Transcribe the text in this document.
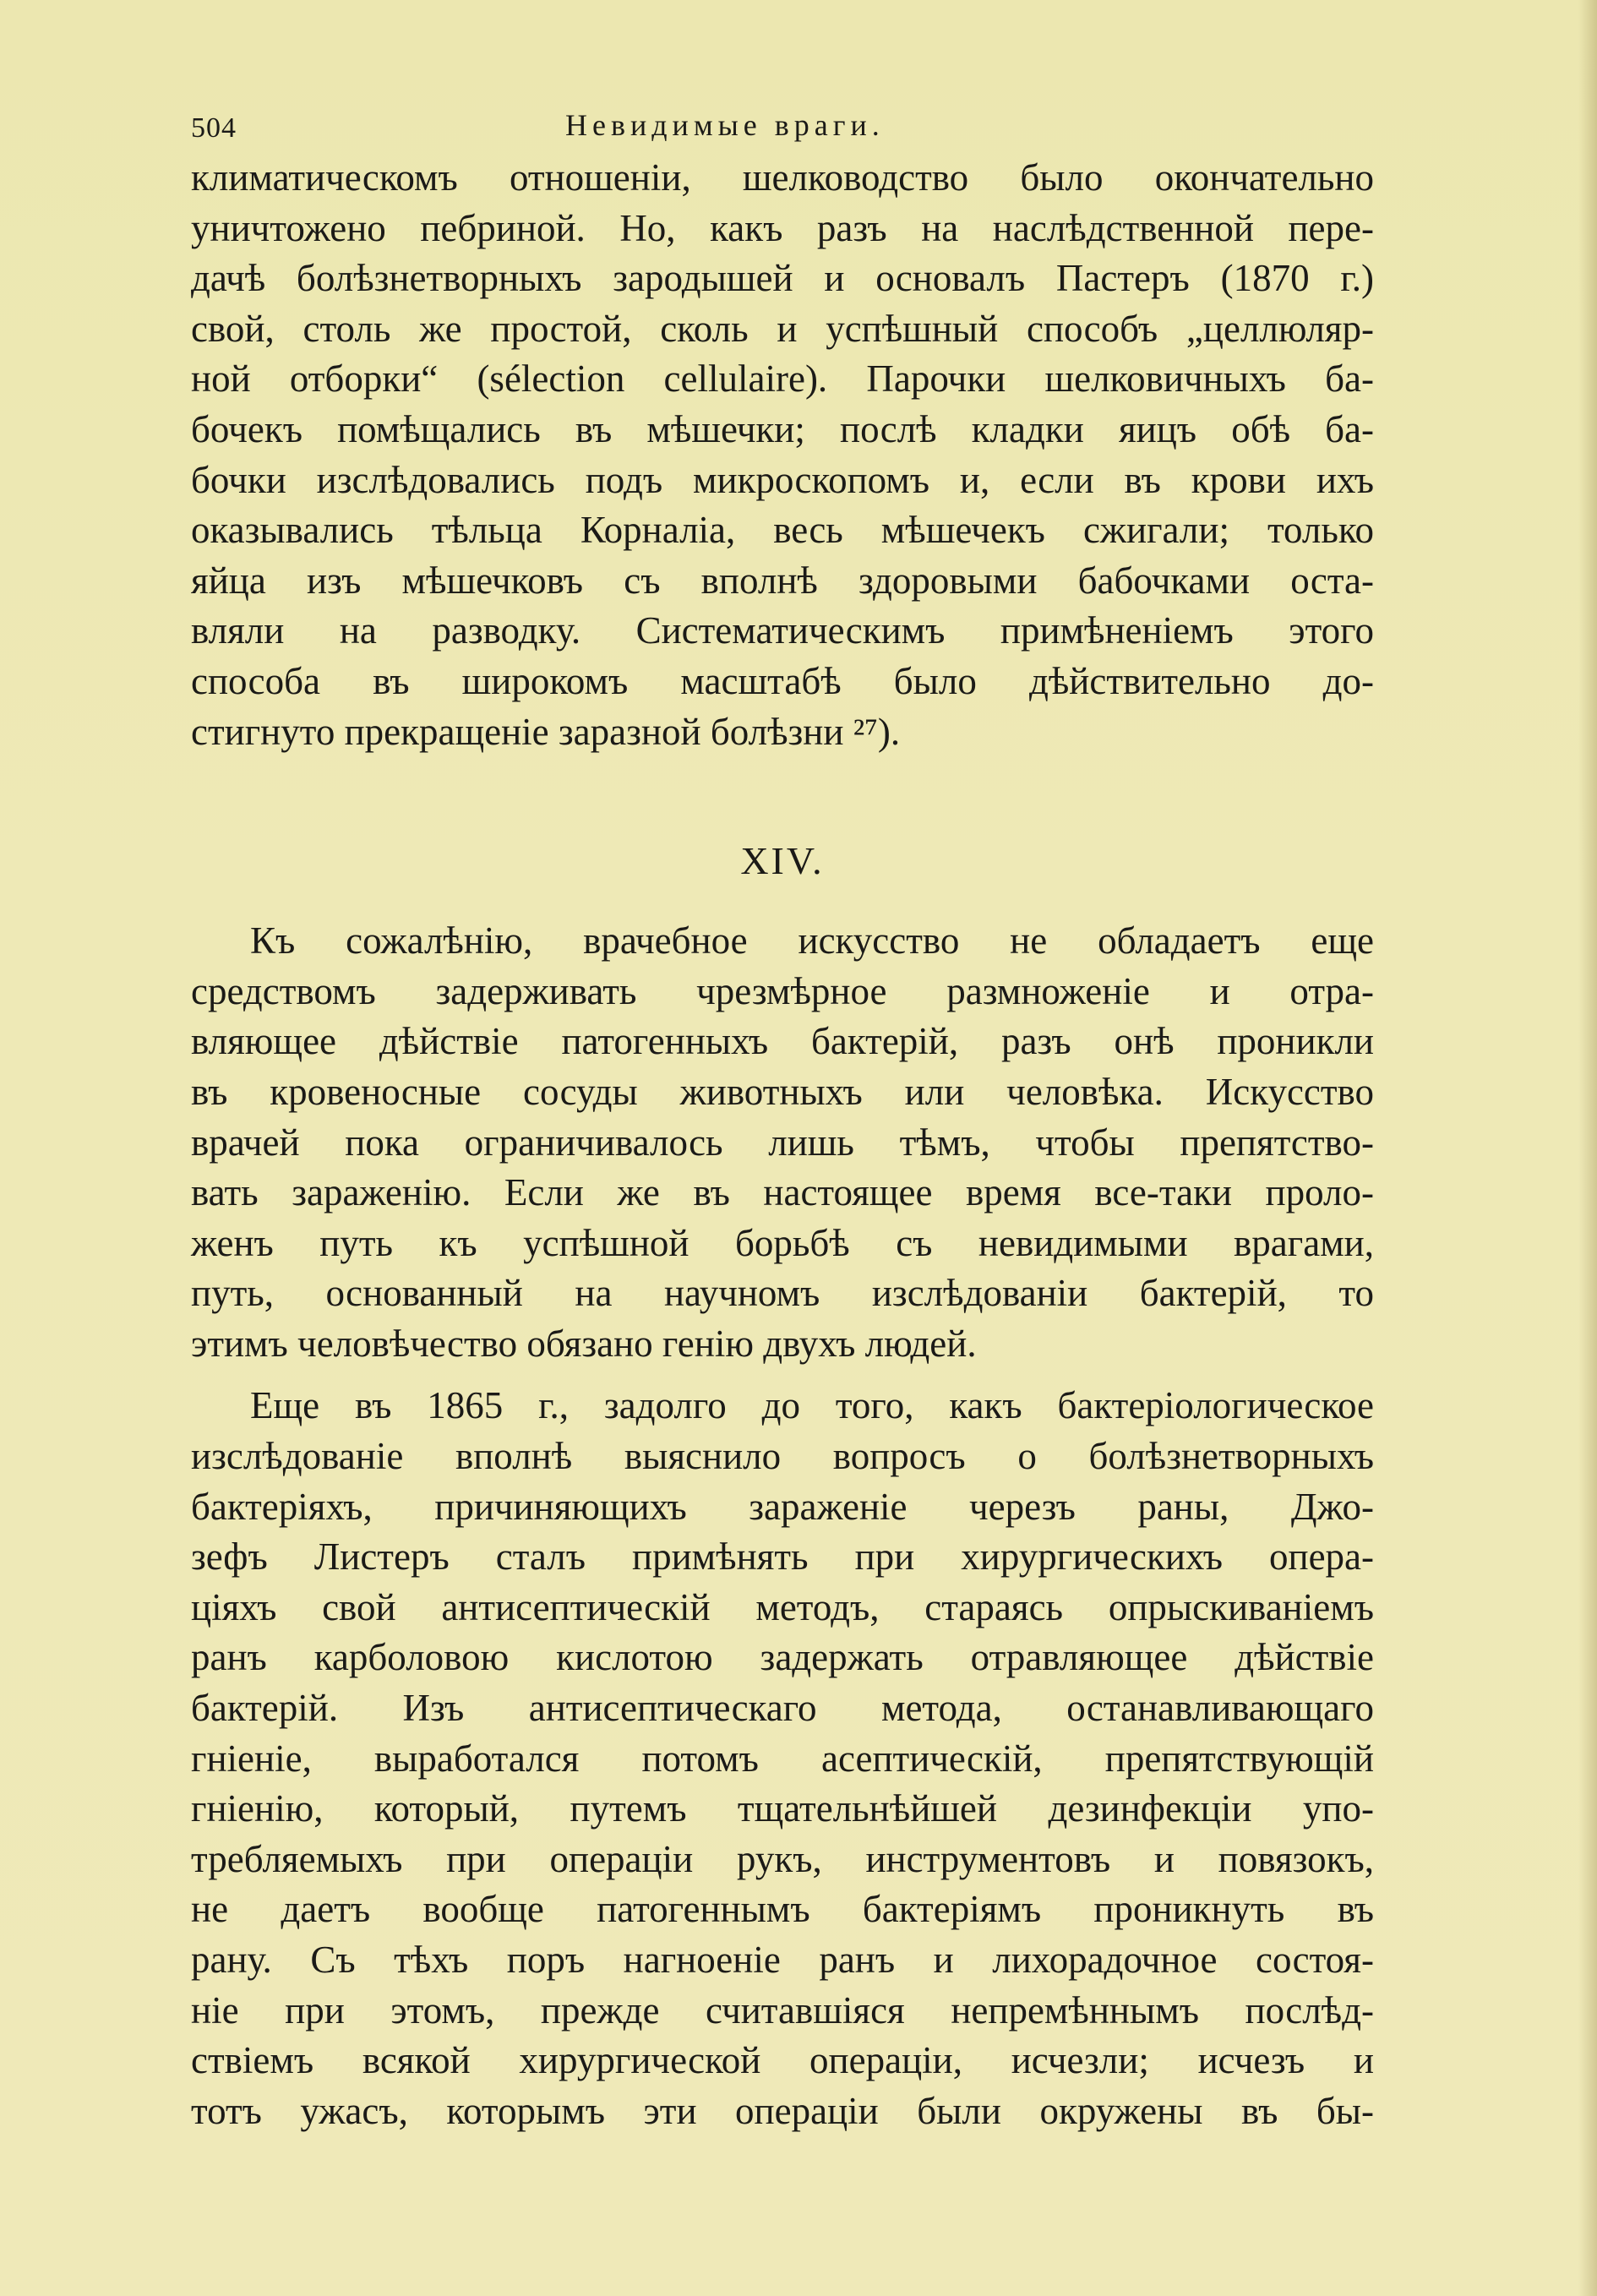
504	Невидимые враги.
климатическомъ отношеніи, шелководство было окончательно
уничтожено пебриной. Но, какъ разъ на наслѣдственной пере-
дачѣ болѣзнетворныхъ зародышей и основалъ Пастеръ (1870 г.)
свой, столь же простой, сколь и успѣшный способъ „целлюляр-
ной отборки“ (sélection cellulaire). Парочки шелковичныхъ ба-
бочекъ помѣщались въ мѣшечки; послѣ кладки яицъ обѣ ба-
бочки изслѣдовались подъ микроскопомъ и, если въ крови ихъ
оказывались тѣльца Корналіа, весь мѣшечекъ сжигали; только
яйца изъ мѣшечковъ съ вполнѣ здоровыми бабочками оста-
вляли на разводку. Систематическимъ примѣненіемъ этого
способа въ широкомъ масштабѣ было дѣйствительно до-
стигнуто прекращеніе заразной болѣзни ²⁷).
XIV.
Къ сожалѣнію, врачебное искусство не обладаетъ еще
средствомъ задерживать чрезмѣрное размноженіе и отра-
вляющее дѣйствіе патогенныхъ бактерій, разъ онѣ проникли
въ кровеносные сосуды животныхъ или человѣка. Искусство
врачей пока ограничивалось лишь тѣмъ, чтобы препятство-
вать зараженію. Если же въ настоящее время все-таки проло-
женъ путь къ успѣшной борьбѣ съ невидимыми врагами,
путь, основанный на научномъ изслѣдованіи бактерій, то
этимъ человѣчество обязано генію двухъ людей.
Еще въ 1865 г., задолго до того, какъ бактеріологическое
изслѣдованіе вполнѣ выяснило вопросъ о болѣзнетворныхъ
бактеріяхъ, причиняющихъ зараженіе черезъ раны, Джо-
зефъ Листеръ сталъ примѣнять при хирургическихъ опера-
ціяхъ свой антисептическій методъ, стараясь опрыскиваніемъ
ранъ карболовою кислотою задержать отравляющее дѣйствіе
бактерій. Изъ антисептическаго метода, останавливающаго
гніеніе, выработался потомъ асептическій, препятствующій
гніенію, который, путемъ тщательнѣйшей дезинфекціи упо-
требляемыхъ при операціи рукъ, инструментовъ и повязокъ,
не даетъ вообще патогеннымъ бактеріямъ проникнуть въ
рану. Съ тѣхъ поръ нагноеніе ранъ и лихорадочное состоя-
ніе при этомъ, прежде считавшіяся непремѣннымъ послѣд-
ствіемъ всякой хирургической операціи, исчезли; исчезъ и
тотъ ужасъ, которымъ эти операціи были окружены въ бы-
